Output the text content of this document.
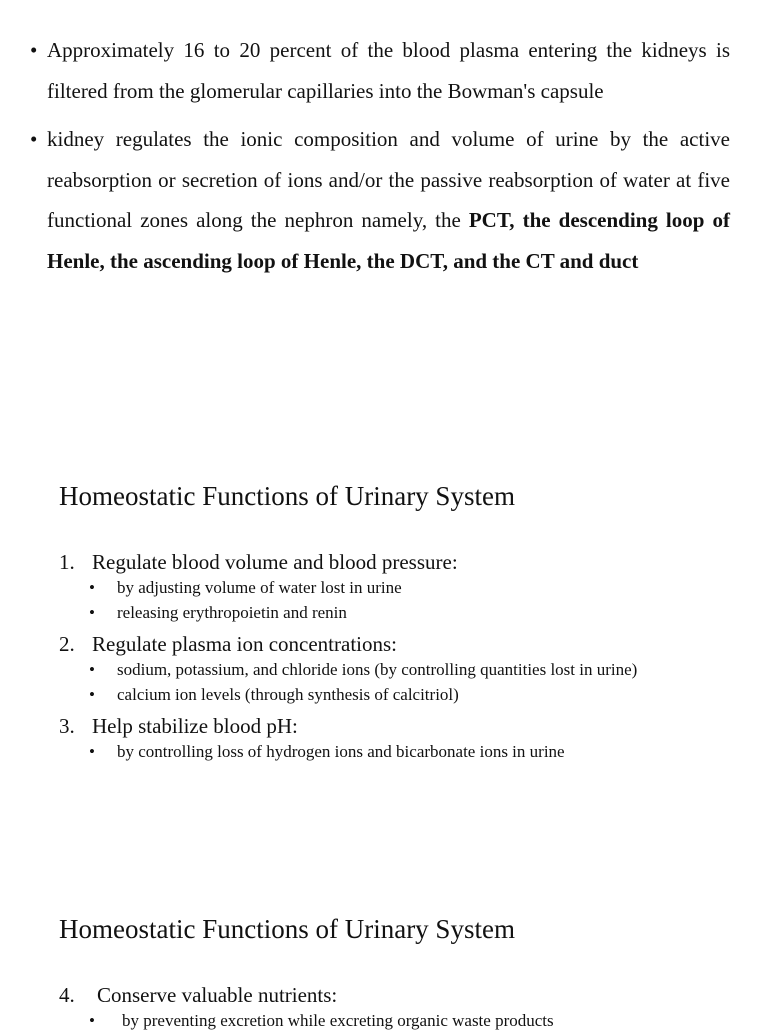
• Approximately 16 to 20 percent of the blood plasma entering the kidneys is filtered from the glomerular capillaries into the Bowman's capsule

• kidney regulates the ionic composition and volume of urine by the active reabsorption or secretion of ions and/or the passive reabsorption of water at five functional zones along the nephron namely, the PCT, the descending loop of Henle, the ascending loop of Henle, the DCT, and the CT and duct

Homeostatic Functions of Urinary System
1. Regulate blood volume and blood pressure:
• by adjusting volume of water lost in urine
• releasing erythropoietin and renin
2. Regulate plasma ion concentrations:
• sodium, potassium, and chloride ions (by controlling quantities lost in urine)
• calcium ion levels (through synthesis of calcitriol)
3. Help stabilize blood pH:
• by controlling loss of hydrogen ions and bicarbonate ions in urine
Homeostatic Functions of Urinary System
4. Conserve valuable nutrients:
• by preventing excretion while excreting organic waste products
